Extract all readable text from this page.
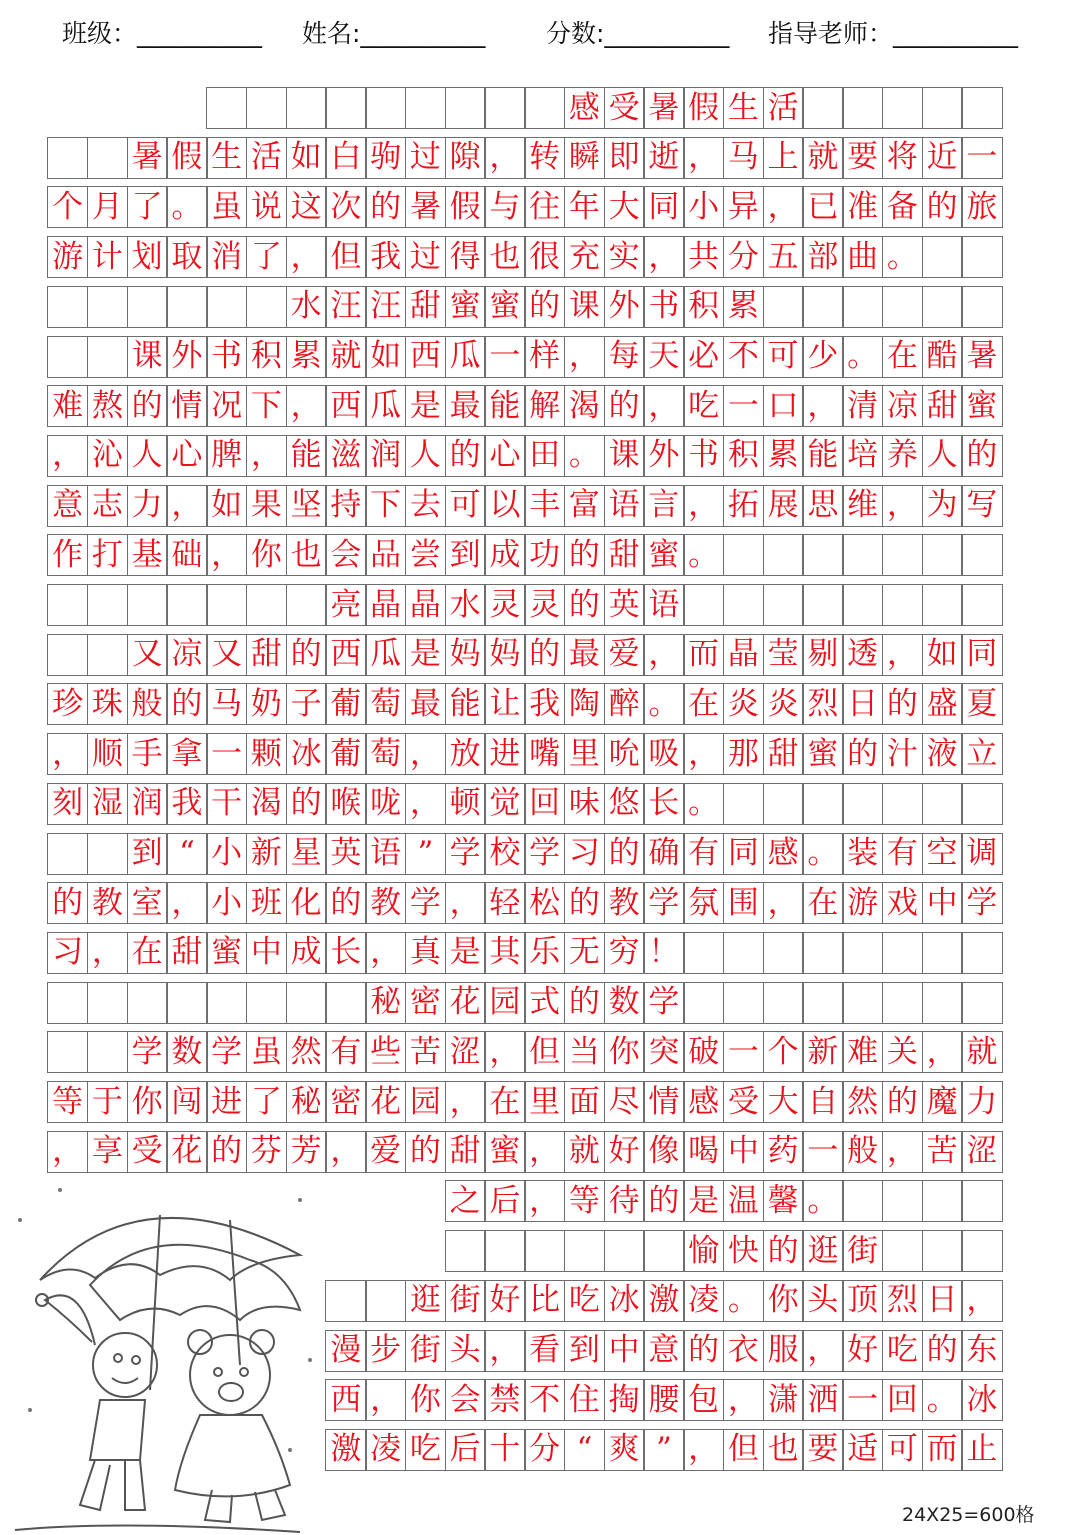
班级：__________ 姓名:__________ 分数:__________ 指导老师：__________
感 受 暑 假 生 活
暑 假 生 活 如 白 驹 过 隙 ， 转 瞬 即 逝 ， 马 上 就 要 将 近 一
个 月 了 。 虽 说 这 次 的 暑 假 与 往 年 大 同 小 异 ， 已 准 备 的 旅
游 计 划 取 消 了 ， 但 我 过 得 也 很 充 实 ， 共 分 五 部 曲 。
水 汪 汪 甜 蜜 蜜 的 课 外 书 积 累
课 外 书 积 累 就 如 西 瓜 一 样 ， 每 天 必 不 可 少 。 在 酷 暑
难 熬 的 情 况 下 ， 西 瓜 是 最 能 解 渴 的 ， 吃 一 口 ， 清 凉 甜 蜜
， 沁 人 心 脾 ， 能 滋 润 人 的 心 田 。 课 外 书 积 累 能 培 养 人 的
意 志 力 ， 如 果 坚 持 下 去 可 以 丰 富 语 言 ， 拓 展 思 维 ， 为 写
作 打 基 础 ， 你 也 会 品 尝 到 成 功 的 甜 蜜 。
亮 晶 晶 水 灵 灵 的 英 语
又 凉 又 甜 的 西 瓜 是 妈 妈 的 最 爱 ， 而 晶 莹 剔 透 ， 如 同
珍 珠 般 的 马 奶 子 葡 萄 最 能 让 我 陶 醉 。 在 炎 炎 烈 日 的 盛 夏
， 顺 手 拿 一 颗 冰 葡 萄 ， 放 进 嘴 里 吮 吸 ， 那 甜 蜜 的 汁 液 立
刻 湿 润 我 干 渴 的 喉 咙 ， 顿 觉 回 味 悠 长 。
到 “ 小 新 星 英 语 ” 学 校 学 习 的 确 有 同 感 。 装 有 空 调
的 教 室 ， 小 班 化 的 教 学 ， 轻 松 的 教 学 氛 围 ， 在 游 戏 中 学
习 ， 在 甜 蜜 中 成 长 ， 真 是 其 乐 无 穷 ！
秘 密 花 园 式 的 数 学
学 数 学 虽 然 有 些 苦 涩 ， 但 当 你 突 破 一 个 新 难 关 ， 就
等 于 你 闯 进 了 秘 密 花 园 ， 在 里 面 尽 情 感 受 大 自 然 的 魔 力
， 享 受 花 的 芬 芳 ， 爱 的 甜 蜜 ， 就 好 像 喝 中 药 一 般 ， 苦 涩
之 后 ， 等 待 的 是 温 馨 。
愉 快 的 逛 街
逛 街 好 比 吃 冰 激 凌 。 你 头 顶 烈 日 ，
漫 步 街 头 ， 看 到 中 意 的 衣 服 ， 好 吃 的 东
西 ， 你 会 禁 不 住 掏 腰 包 ， 潇 洒 一 回 。 冰
激 凌 吃 后 十 分 “ 爽 ” ， 但 也 要 适 可 而 止
24X25=600格
